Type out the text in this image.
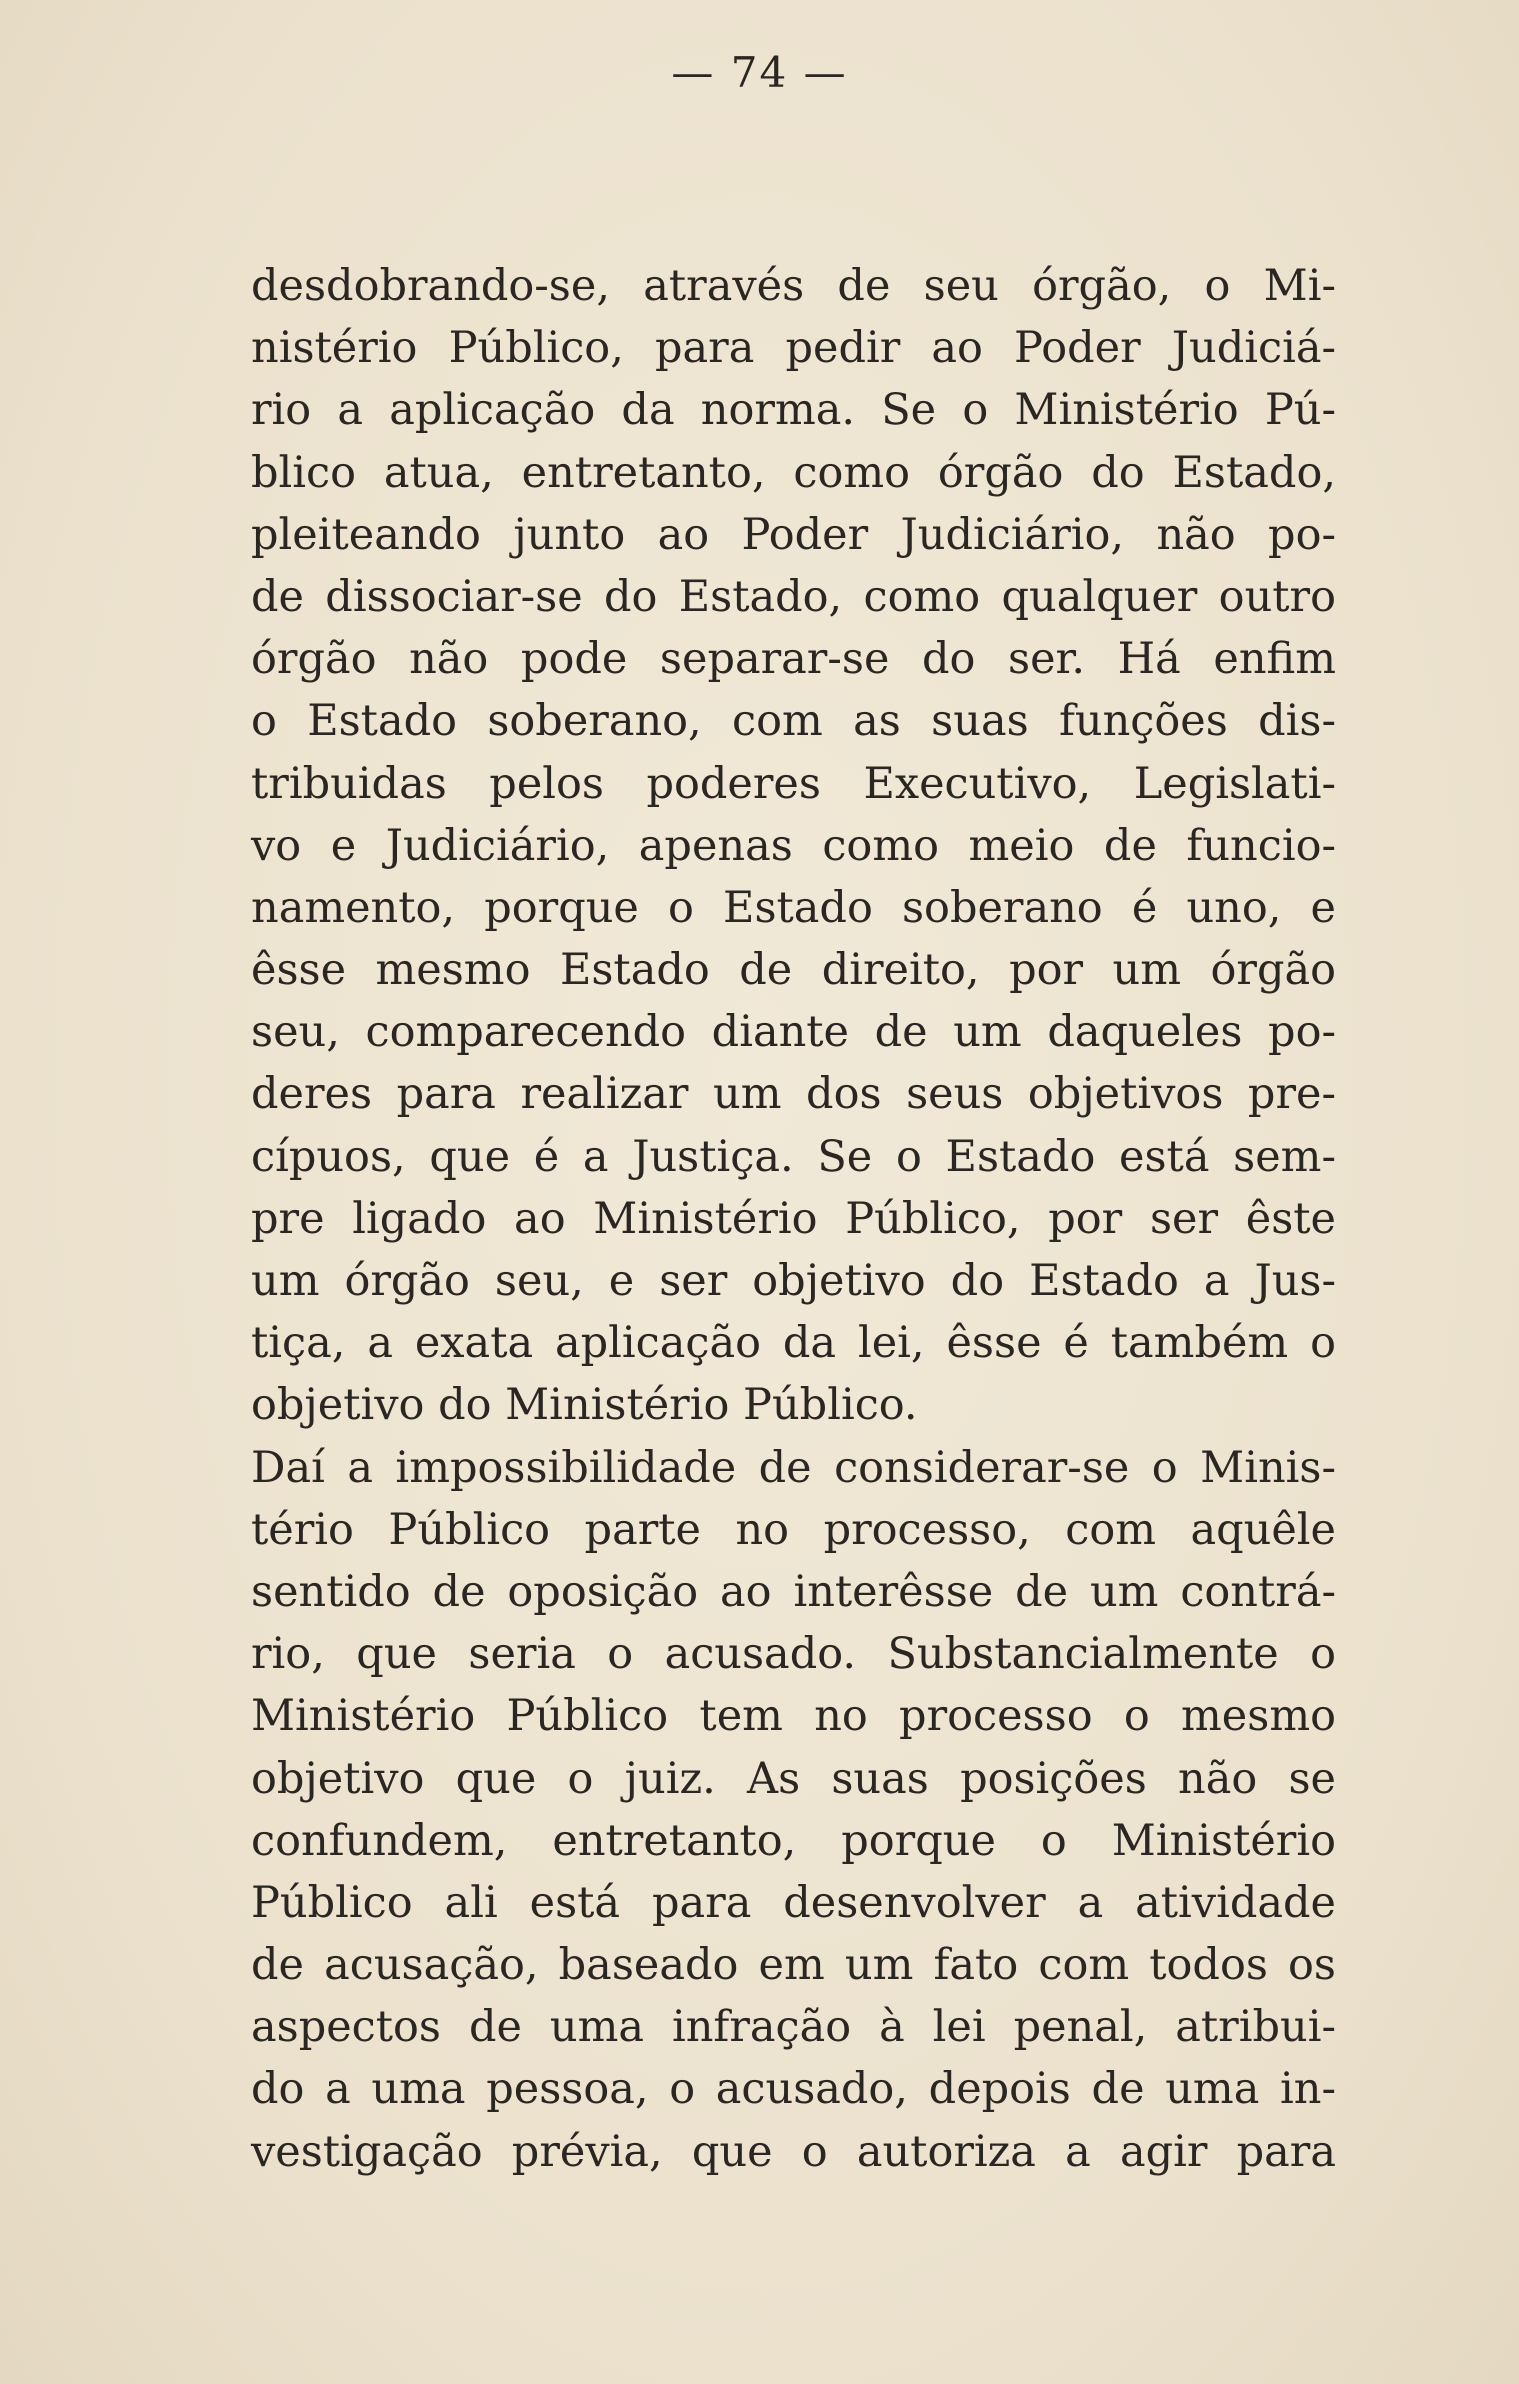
— 74 —
desdobrando-se, através de seu órgão, o Mi-
nistério Público, para pedir ao Poder Judiciá-
rio a aplicação da norma. Se o Ministério Pú-
blico atua, entretanto, como órgão do Estado,
pleiteando junto ao Poder Judiciário, não po-
de dissociar-se do Estado, como qualquer outro
órgão não pode separar-se do ser. Há enfim
o Estado soberano, com as suas funções dis-
tribuidas pelos poderes Executivo, Legislati-
vo e Judiciário, apenas como meio de funcio-
namento, porque o Estado soberano é uno, e
êsse mesmo Estado de direito, por um órgão
seu, comparecendo diante de um daqueles po-
deres para realizar um dos seus objetivos pre-
cípuos, que é a Justiça. Se o Estado está sem-
pre ligado ao Ministério Público, por ser êste
um órgão seu, e ser objetivo do Estado a Jus-
tiça, a exata aplicação da lei, êsse é também o
objetivo do Ministério Público.
Daí a impossibilidade de considerar-se o Minis-
tério Público parte no processo, com aquêle
sentido de oposição ao interêsse de um contrá-
rio, que seria o acusado. Substancialmente o
Ministério Público tem no processo o mesmo
objetivo que o juiz. As suas posições não se
confundem, entretanto, porque o Ministério
Público ali está para desenvolver a atividade
de acusação, baseado em um fato com todos os
aspectos de uma infração à lei penal, atribui-
do a uma pessoa, o acusado, depois de uma in-
vestigação prévia, que o autoriza a agir para
